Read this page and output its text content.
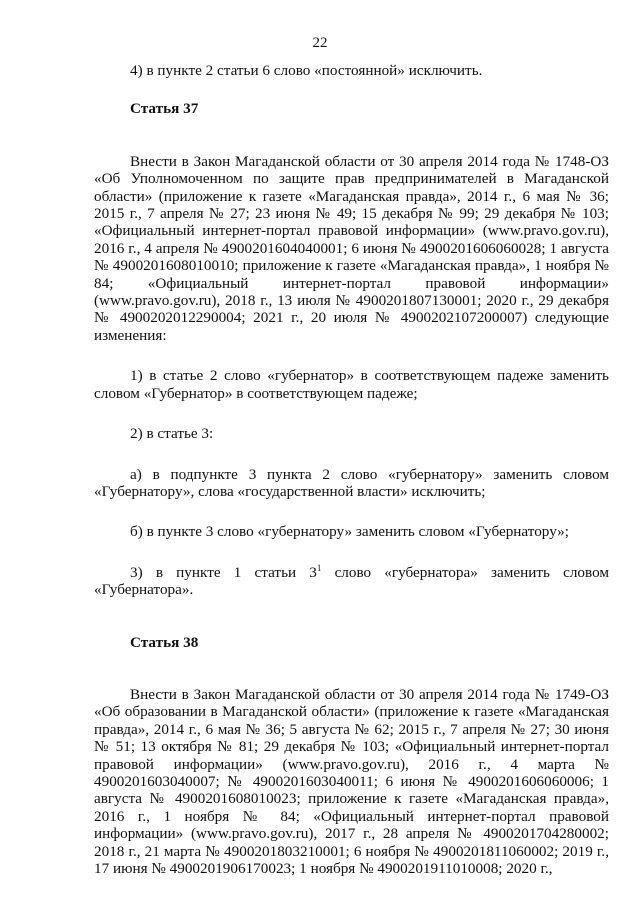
22

4) в пункте 2 статьи 6 слово «постоянной» исключить.

Статья 37

Внести в Закон Магаданской области от 30 апреля 2014 года № 1748-ОЗ «Об Уполномоченном по защите прав предпринимателей в Магаданской области» (приложение к газете «Магаданская правда», 2014 г., 6 мая № 36; 2015 г., 7 апреля № 27; 23 июня № 49; 15 декабря № 99; 29 декабря № 103; «Официальный интернет-портал правовой информации» (www.pravo.gov.ru), 2016 г., 4 апреля № 4900201604040001; 6 июня № 4900201606060028; 1 августа № 4900201608010010; приложение к газете «Магаданская правда», 1 ноября № 84; «Официальный интернет-портал правовой информации» (www.pravo.gov.ru), 2018 г., 13 июля № 4900201807130001; 2020 г., 29 декабря № 4900202012290004; 2021 г., 20 июля № 4900202107200007) следующие изменения:

1) в статье 2 слово «губернатор» в соответствующем падеже заменить словом «Губернатор» в соответствующем падеже;

2) в статье 3:

а) в подпункте 3 пункта 2 слово «губернатору» заменить словом «Губернатору», слова «государственной власти» исключить;

б) в пункте 3 слово «губернатору» заменить словом «Губернатору»;

3) в пункте 1 статьи $3^1$ слово «губернатора» заменить словом «Губернатора».

Статья 38

Внести в Закон Магаданской области от 30 апреля 2014 года № 1749-ОЗ «Об образовании в Магаданской области» (приложение к газете «Магаданская правда», 2014 г., 6 мая № 36; 5 августа № 62; 2015 г., 7 апреля № 27; 30 июня № 51; 13 октября № 81; 29 декабря № 103; «Официальный интернет-портал правовой информации» (www.pravo.gov.ru), 2016 г., 4 марта № 4900201603040007; № 4900201603040011; 6 июня № 4900201606060006; 1 августа № 4900201608010023; приложение к газете «Магаданская правда», 2016 г., 1 ноября № 84; «Официальный интернет-портал правовой информации» (www.pravo.gov.ru), 2017 г., 28 апреля № 4900201704280002; 2018 г., 21 марта № 4900201803210001; 6 ноября № 4900201811060002; 2019 г., 17 июня № 4900201906170023; 1 ноября № 4900201911010008; 2020 г.,
